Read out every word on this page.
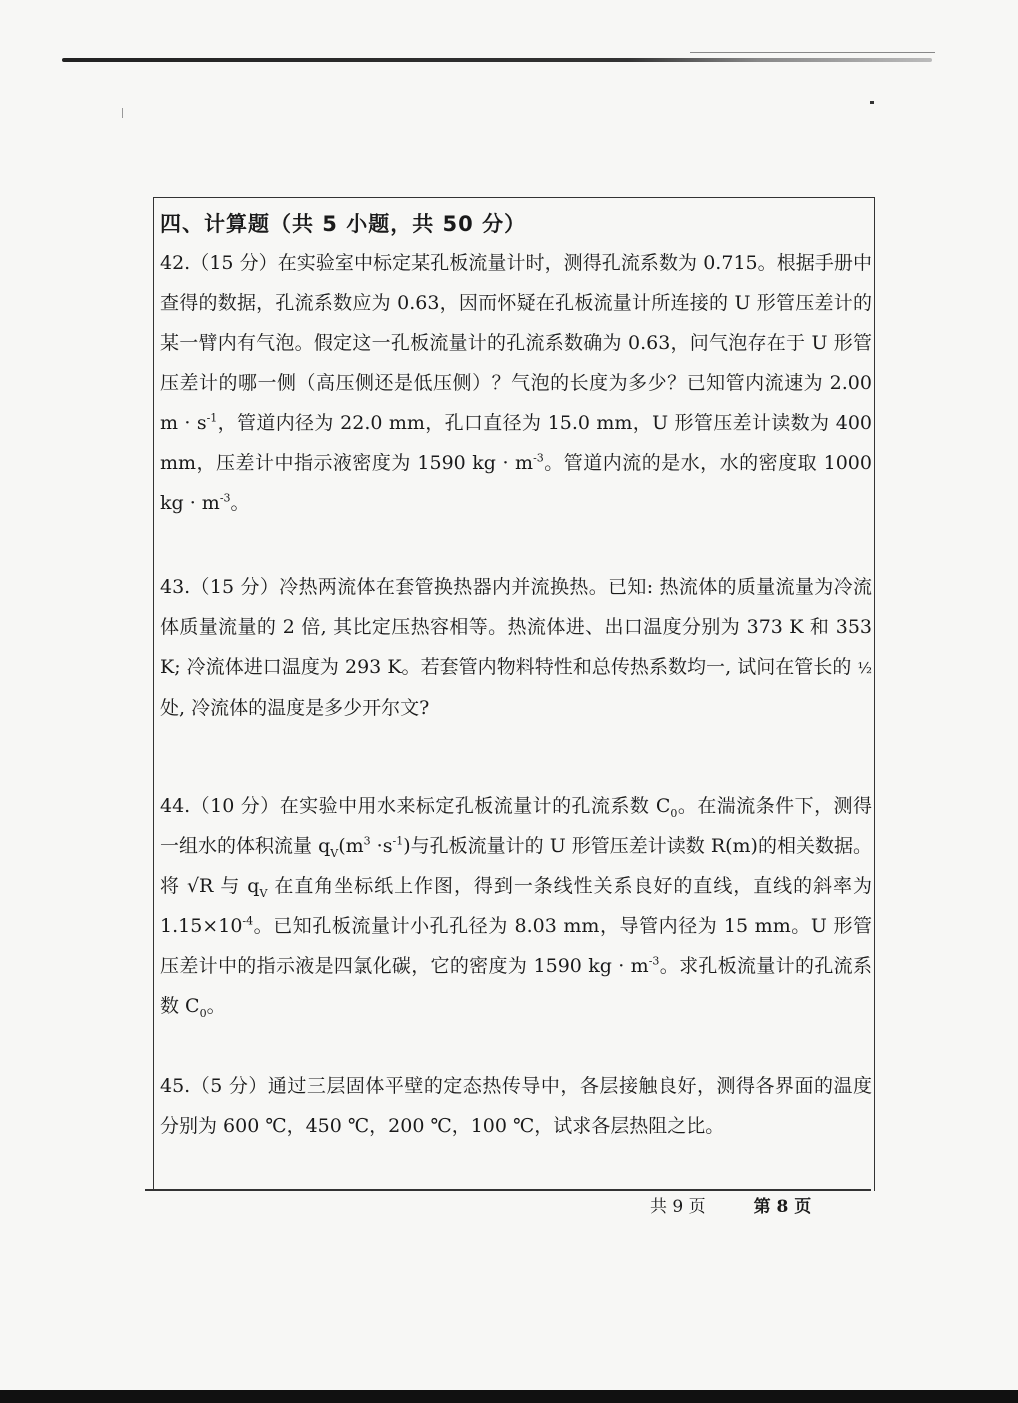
四、计算题（共 5 小题，共 50 分）

42.（15 分）在实验室中标定某孔板流量计时，测得孔流系数为 0.715。根据手册中查得的数据，孔流系数应为 0.63，因而怀疑在孔板流量计所连接的 U 形管压差计的某一臂内有气泡。假定这一孔板流量计的孔流系数确为 0.63，问气泡存在于 U 形管压差计的哪一侧（高压侧还是低压侧）？气泡的长度为多少？已知管内流速为 2.00 $m \cdot s^{-1}$，管道内径为 22.0 mm，孔口直径为 15.0 mm，U 形管压差计读数为 400 mm，压差计中指示液密度为 1590 kg · $m^{-3}$。管道内流的是水，水的密度取 1000 kg · $m^{-3}$。

43.（15 分）冷热两流体在套管换热器内并流换热。已知: 热流体的质量流量为冷流体质量流量的 2 倍, 其比定压热容相等。热流体进、出口温度分别为 373 K 和 353 K; 冷流体进口温度为 293 K。若套管内物料特性和总传热系数均一, 试问在管长的 ½ 处, 冷流体的温度是多少开尔文?

44.（10 分）在实验中用水来标定孔板流量计的孔流系数 $C_0$。在湍流条件下，测得一组水的体积流量 $q_V(m^3 \cdot s^{-1})$与孔板流量计的 U 形管压差计读数 R(m)的相关数据。将 √R 与 $q_V$ 在直角坐标纸上作图，得到一条线性关系良好的直线，直线的斜率为 $1.15\times 10^{-4}$。已知孔板流量计小孔孔径为 8.03 mm，导管内径为 15 mm。U 形管压差计中的指示液是四氯化碳，它的密度为 1590 kg · $m^{-3}$。求孔板流量计的孔流系数 $C_0$。

45.（5 分）通过三层固体平壁的定态热传导中，各层接触良好，测得各界面的温度分别为 600 ℃，450 ℃，200 ℃，100 ℃，试求各层热阻之比。

共 9 页	第 8 页
